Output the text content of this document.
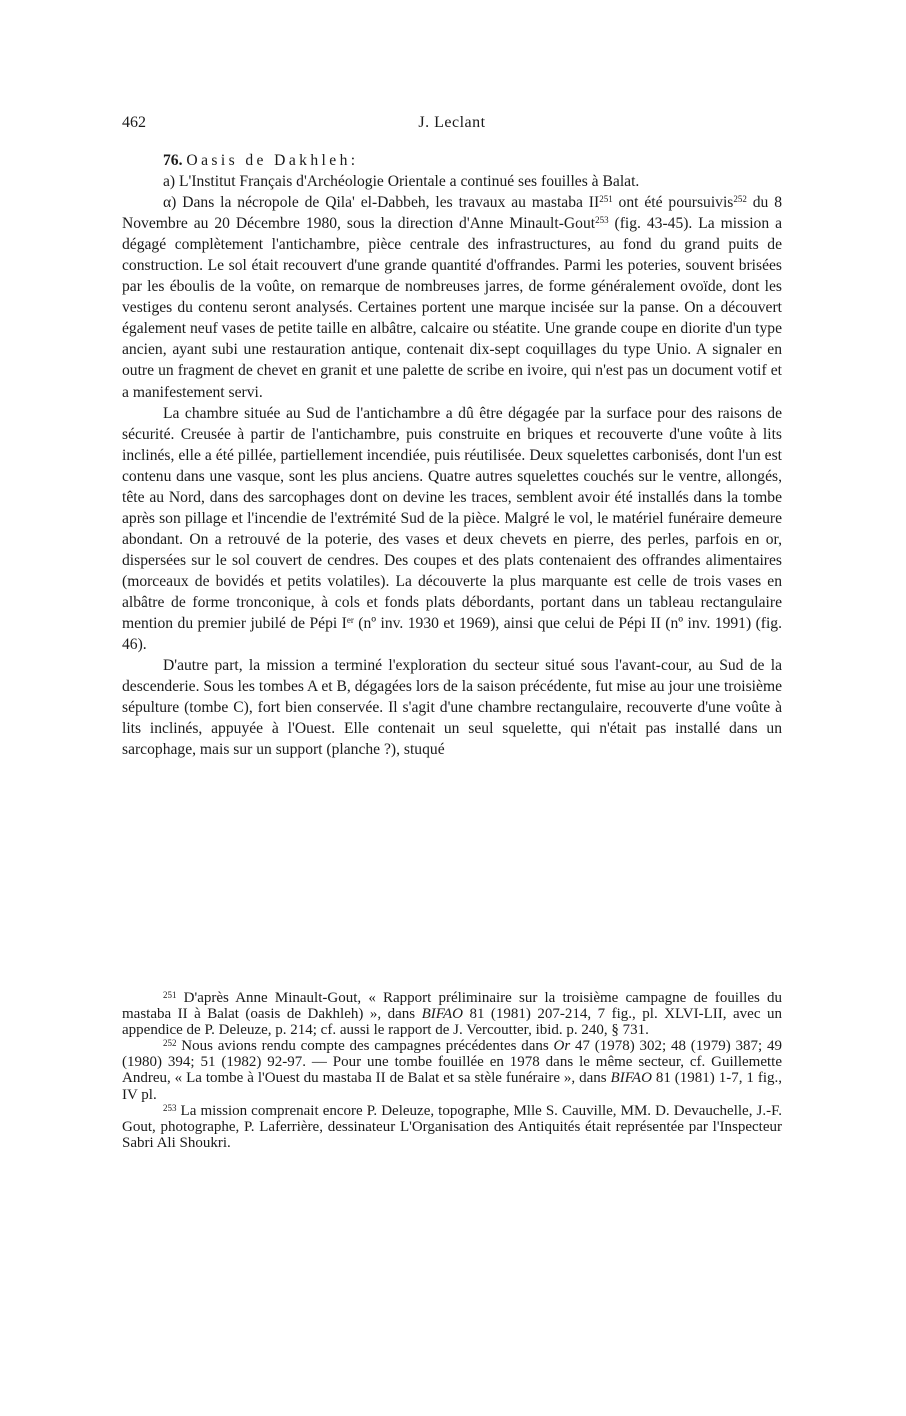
462	J. Leclant

76. Oasis de Dakhleh:

a) L'Institut Français d'Archéologie Orientale a continué ses fouilles à Balat.

α) Dans la nécropole de Qila' el-Dabbeh, les travaux au mastaba II$^{251}$ ont été poursuivis$^{252}$ du 8 Novembre au 20 Décembre 1980, sous la direction d'Anne Minault-Gout$^{253}$ (fig. 43-45). La mission a dégagé complètement l'antichambre, pièce centrale des infrastructures, au fond du grand puits de construction. Le sol était recouvert d'une grande quantité d'offrandes. Parmi les poteries, souvent brisées par les éboulis de la voûte, on remarque de nombreuses jarres, de forme généralement ovoïde, dont les vestiges du contenu seront analysés. Certaines portent une marque incisée sur la panse. On a découvert également neuf vases de petite taille en albâtre, calcaire ou stéatite. Une grande coupe en diorite d'un type ancien, ayant subi une restauration antique, contenait dix-sept coquillages du type Unio. A signaler en outre un fragment de chevet en granit et une palette de scribe en ivoire, qui n'est pas un document votif et a manifestement servi.

La chambre située au Sud de l'antichambre a dû être dégagée par la surface pour des raisons de sécurité. Creusée à partir de l'antichambre, puis construite en briques et recouverte d'une voûte à lits inclinés, elle a été pillée, partiellement incendiée, puis réutilisée. Deux squelettes carbonisés, dont l'un est contenu dans une vasque, sont les plus anciens. Quatre autres squelettes couchés sur le ventre, allongés, tête au Nord, dans des sarcophages dont on devine les traces, semblent avoir été installés dans la tombe après son pillage et l'incendie de l'extrémité Sud de la pièce. Malgré le vol, le matériel funéraire demeure abondant. On a retrouvé de la poterie, des vases et deux chevets en pierre, des perles, parfois en or, dispersées sur le sol couvert de cendres. Des coupes et des plats contenaient des offrandes alimentaires (morceaux de bovidés et petits volatiles). La découverte la plus marquante est celle de trois vases en albâtre de forme tronconique, à cols et fonds plats débordants, portant dans un tableau rectangulaire mention du premier jubilé de Pépi Ier (nº inv. 1930 et 1969), ainsi que celui de Pépi II (nº inv. 1991) (fig. 46).

D'autre part, la mission a terminé l'exploration du secteur situé sous l'avant-cour, au Sud de la descenderie. Sous les tombes A et B, dégagées lors de la saison précédente, fut mise au jour une troisième sépulture (tombe C), fort bien conservée. Il s'agit d'une chambre rectangulaire, recouverte d'une voûte à lits inclinés, appuyée à l'Ouest. Elle contenait un seul squelette, qui n'était pas installé dans un sarcophage, mais sur un support (planche ?), stuqué

$^{251}$ D'après Anne Minault-Gout, « Rapport préliminaire sur la troisième campagne de fouilles du mastaba II à Balat (oasis de Dakhleh) », dans BIFAO 81 (1981) 207-214, 7 fig., pl. XLVI-LII, avec un appendice de P. Deleuze, p. 214; cf. aussi le rapport de J. Vercoutter, ibid. p. 240, § 731.

$^{252}$ Nous avions rendu compte des campagnes précédentes dans Or 47 (1978) 302; 48 (1979) 387; 49 (1980) 394; 51 (1982) 92-97. — Pour une tombe fouillée en 1978 dans le même secteur, cf. Guillemette Andreu, « La tombe à l'Ouest du mastaba II de Balat et sa stèle funéraire », dans BIFAO 81 (1981) 1-7, 1 fig., IV pl.

$^{253}$ La mission comprenait encore P. Deleuze, topographe, Mlle S. Cauville, MM. D. Devauchelle, J.-F. Gout, photographe, P. Laferrière, dessinateur L'Organisation des Antiquités était représentée par l'Inspecteur Sabri Ali Shoukri.
